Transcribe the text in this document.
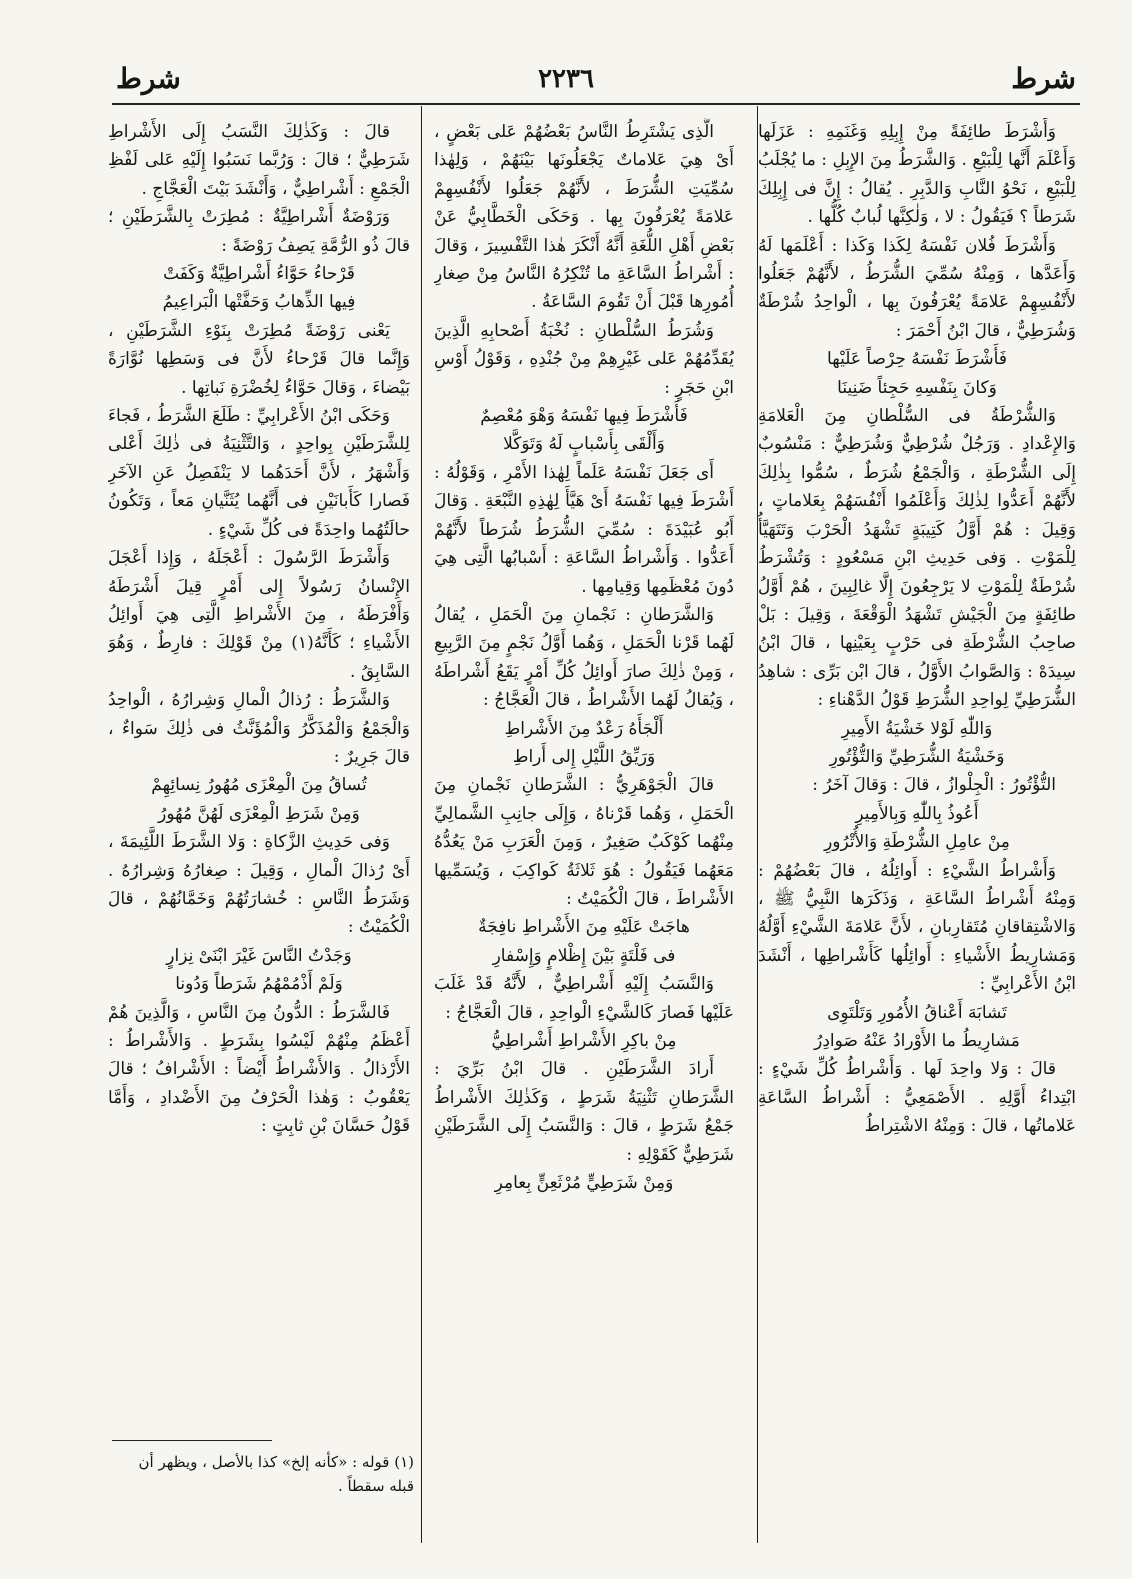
شرط	٢٢٣٦	شرط

وَأَشْرَطَ طائِفَةً مِنْ إِبِلِهِ وَغَنَمِهِ : عَزَلَها وَأَعْلَمَ أَنَّها لِلْبَيْعِ . وَالشَّرَطُ مِنَ الإِبِلِ : ما يُجْلَبُ لِلْبَيْعِ ، نَحْوُ النَّابِ وَالدَّبِرِ . يُقالُ : إِنَّ فى إِبِلِكَ شَرَطاً ؟ فَيَقُولُ : لا ، وَلٰكِنَّها لُبابٌ كُلُّها .

وَأَشْرَطَ فُلان نَفْسَهُ لِكَذا وَكَذا : أَعْلَمَها لَهُ وَأَعَدَّها ، وَمِنْهُ سُمِّيَ الشُّرَطُ ، لأَنَّهُمْ جَعَلُوا لأَنْفُسِهِمْ عَلامَةً يُعْرَفُونَ بِها ، الْواحِدُ شُرْطَةٌ وَشُرَطِيٌّ ، قالَ ابْنُ أَحْمَرَ :

فَأَشْرَطَ نَفْسَهُ حِرْصاً عَلَيْها

وَكانَ بِنَفْسِهِ حَجِئاً ضَنِينَا

وَالشُّرْطَةُ فى السُّلْطانِ مِنَ الْعَلامَةِ وَالإِعْدادِ . وَرَجُلٌ شُرْطِيٌّ وَشُرَطِيٌّ : مَنْسُوبٌ إِلَى الشُّرْطَةِ ، وَالْجَمْعُ شُرَطٌ ، سُمُّوا بِذٰلِكَ لأَنَّهُمْ أَعَدُّوا لِذٰلِكَ وَأَعْلَمُوا أَنْفُسَهُمْ بِعَلاماتٍ ، وَقِيلَ : هُمْ أَوَّلُ كَتِيبَةٍ تَشْهَدُ الْحَرْبَ وَتَتَهَيَّأُ لِلْمَوْتِ . وَفى حَدِيثِ ابْنِ مَسْعُودٍ : وَتُشْرَطُ شُرْطَةٌ لِلْمَوْتِ لا يَرْجِعُونَ إِلَّا غالِبِينَ ، هُمْ أَوَّلُ طائِفَةٍ مِنَ الْجَيْشِ تَشْهَدُ الْوَقْعَةَ ، وَقِيلَ : بَلْ صاحِبُ الشُّرْطَةِ فى حَرْبٍ بِعَيْنِها ، قالَ ابْنُ سِيدَهْ : وَالصَّوابُ الأَوَّلُ ، قالَ ابْن بَرِّى : شاهِدُ الشُّرَطِيِّ لِواحِدِ الشُّرَطِ قَوْلُ الدَّهْناءِ :

وَاللّٰهِ لَوْلا خَشْيَةُ الأَمِيرِ

وَخَشْيَةُ الشُّرَطِيِّ وَالتُّؤْتُورِ

التُّؤْتُورُ : الْجِلْوازُ ، قالَ : وَقالَ آخَرُ :

أَعُوذُ بِاللّٰهِ وَبِالأَمِيرِ

مِنْ عامِلِ الشُّرْطَةِ وَالأُتْرُورِ

وَأَشْراطُ الشَّيْءِ : أَوائِلُهُ ، قالَ بَعْضُهُمْ : وَمِنْهُ أَشْراطُ السَّاعَةِ ، وَذَكَرَها النَّبِيُّ ﷺ ، وَالاشْتِقاقانِ مُتَقارِبانِ ، لأَنَّ عَلامَةَ الشَّيْءِ أَوَّلُهُ وَمَشارِيطُ الأَشْياءِ : أَوائِلُها كَأَشْراطِها ، أَنْشَدَ ابْنُ الأَعْرابِيِّ :

تَشابَهَ أَعْناقُ الأُمُورِ وَتَلْتَوِى

مَشارِيطُ ما الأَوْرادُ عَنْهُ صَوادِرُ

قالَ : وَلا واحِدَ لَها . وَأَشْراطُ كُلِّ شَيْءٍ : ابْتِداءُ أَوَّلِهِ . الأَصْمَعِيُّ : أَشْراطُ السَّاعَةِ عَلاماتُها ، قالَ : وَمِنْهُ الاشْتِراطُ

الَّذِى يَشْتَرِطُ النَّاسُ بَعْضُهُمْ عَلى بَعْضٍ ، أَىْ هِيَ عَلاماتٌ يَجْعَلُونَها بَيْنَهُمْ ، وَلِهٰذا سُمِّيَتِ الشُّرَطَ ، لأَنَّهُمْ جَعَلُوا لأَنْفُسِهِمْ عَلامَةً يُعْرَفُونَ بِها . وَحَكَى الْخَطَّابِيُّ عَنْ بَعْضِ أَهْلِ اللُّغَةِ أَنَّهُ أَنْكَرَ هٰذا التَّفْسِيرَ ، وَقالَ : أَشْراطُ السَّاعَةِ ما تُنْكِرُهُ النَّاسُ مِنْ صِغارِ أُمُورِها قَبْلَ أَنْ تَقُومَ السَّاعَةُ .

وَشُرَطُ السُّلْطانِ : نُخْبَةُ أَصْحابِهِ الَّذِينَ يُقَدِّمُهُمْ عَلى غَيْرِهِمْ مِنْ جُنْدِهِ ، وَقَوْلُ أَوْسِ ابْنِ حَجَرٍ :

فَأَشْرَطَ فِيها نَفْسَهُ وَهْوَ مُعْصِمٌ

وَأَلْقَى بِأَسْبابٍ لَهُ وَتَوَكَّلا

أَى جَعَلَ نَفْسَهُ عَلَماً لِهٰذا الأَمْرِ ، وَقَوْلُهُ : أَشْرَطَ فِيها نَفْسَهُ أَىْ هَيَّأَ لِهٰذِهِ النَّبْعَةِ . وَقالَ أَبُو عُبَيْدَةَ : سُمِّيَ الشُّرَطُ شُرَطاً لأَنَّهُمْ أَعَدُّوا . وَأَشْراطُ السَّاعَةِ : أَسْبابُها الَّتِى هِيَ دُونَ مُعْظَمِها وَقِيامِها .

وَالشَّرَطانِ : نَجْمانِ مِنَ الْحَمَلِ ، يُقالُ لَهُما قَرْنا الْحَمَلِ ، وَهُما أَوَّلُ نَجْمٍ مِنَ الرَّبِيعِ ، وَمِنْ ذٰلِكَ صارَ أَوائِلُ كُلِّ أَمْرٍ يَقَعُ أَشْراطَهُ ، وَيُقالُ لَهُما الأَشْراطُ ، قالَ الْعَجَّاجُ :

أَلْجَأَهُ رَعْدٌ مِنَ الأَشْراطِ

وَرَيِّقُ اللَّيْلِ إِلى أَراطِ

قالَ الْجَوْهَرِيُّ : الشَّرَطانِ نَجْمانِ مِنَ الْحَمَلِ ، وَهُما قَرْناهُ ، وَإِلَى جانِبِ الشَّمالِيِّ مِنْهُما كَوْكَبٌ صَغِيرٌ ، وَمِنَ الْعَرَبِ مَنْ يَعُدُّهُ مَعَهُما فَيَقُولُ : هُوَ ثَلاثَةُ كَواكِبَ ، وَيُسَمِّيها الأَشْراطَ ، قالَ الْكُمَيْتُ :

هاجَتْ عَلَيْهِ مِنَ الأَشْراطِ نافِجَةٌ

فى فَلْتَةٍ بَيْنَ إِظْلامٍ وَإِسْفارِ

وَالنَّسَبُ إِلَيْهِ أَشْراطِيٌّ ، لأَنَّهُ قَدْ غَلَبَ عَلَيْها فَصارَ كَالشَّيْءِ الْواحِدِ ، قالَ الْعَجَّاجُ :

مِنْ باكِرِ الأَشْراطِ أَشْراطِيُّ

أَرادَ الشَّرَطَيْنِ . قالَ ابْنُ بَرِّيَ : الشَّرَطانِ تَثْنِيَةُ شَرَطٍ ، وَكَذٰلِكَ الأَشْراطُ جَمْعُ شَرَطٍ ، قالَ : وَالنَّسَبُ إِلَى الشَّرَطَيْنِ شَرَطِيٌّ كَقَوْلِهِ :

وَمِنْ شَرَطِيٍّ مُرْثَعِنٍّ بِعامِرِ

قالَ : وَكَذٰلِكَ النَّسَبُ إِلَى الأَشْراطِ شَرَطِيٌّ ؛ قالَ : وَرُبَّما نَسَبُوا إِلَيْهِ عَلى لَفْظِ الْجَمْعِ : أَشْراطِيٌّ ، وَأَنْشَدَ بَيْتَ الْعَجَّاجِ .

وَرَوْضَةٌ أَشْراطِيَّةٌ : مُطِرَتْ بِالشَّرَطَيْنِ ؛ قالَ ذُو الرُّمَّةِ يَصِفُ رَوْضَةً :

قَرْحاءُ حَوَّاءُ أَشْراطِيَّةٌ وَكَفَتْ

فِيها الذِّهابُ وَحَفَّتْها الْبَراعِيمُ

يَعْنى رَوْضَةً مُطِرَتْ بِنَوْءِ الشَّرَطَيْنِ ، وَإِنَّما قالَ قَرْحاءُ لأَنَّ فى وَسَطِها نُوَّارَةً بَيْضاءَ ، وَقالَ حَوَّاءُ لِخُضْرَةِ نَباتِها .

وَحَكَى ابْنُ الأَعْرابِيِّ : طَلَعَ الشَّرَطُ ، فَجاءَ لِلشَّرَطَيْنِ بِواحِدٍ ، وَالتَّثْنِيَةُ فى ذٰلِكَ أَعْلى وَأَشْهَرُ ، لأَنَّ أَحَدَهُما لا يَنْفَصِلُ عَنِ الآخَرِ فَصارا كَأَبانَيْنِ فى أَنَّهُما يُثَنَّيانِ مَعاً ، وَتَكُونُ حالَتُهُما واحِدَةً فى كُلِّ شَيْءٍ .

وَأَشْرَطَ الرَّسُولَ : أَعْجَلَهُ ، وَإِذا أَعْجَلَ الإِنْسانُ رَسُولاً إِلى أَمْرٍ قِيلَ أَشْرَطَهُ وَأَفْرَطَهُ ، مِنَ الأَشْراطِ الَّتِى هِيَ أَوائِلُ الأَشْياءِ ؛ كَأَنَّهُ(١) مِنْ قَوْلِكَ : فارِطٌ ، وَهُوَ السَّابِقُ .

وَالشَّرَطُ : رُذالُ الْمالِ وَشِرارُهُ ، الْواحِدُ وَالْجَمْعُ وَالْمُذَكَّرُ وَالْمُؤَنَّثُ فى ذٰلِكَ سَواءٌ ، قالَ جَرِيرٌ :

تُساقُ مِنَ الْمِعْزَى مُهُورُ نِسائِهِمْ

وَمِنْ شَرَطِ الْمِعْزَى لَهُنَّ مُهُورُ

وَفى حَدِيثِ الزَّكاةِ : وَلا الشَّرَطَ اللَّئِيمَةَ ، أَىْ رُذالَ الْمالِ ، وَقِيلَ : صِغارُهُ وَشِرارُهُ . وَشَرَطُ النَّاسِ : خُشارَتُهُمْ وَخَمَّانُهُمْ ، قالَ الْكُمَيْتُ :

وَجَدْتُ النَّاسَ غَيْرَ ابْنَىْ نِزارٍ

وَلَمْ أَذْمُمْهُمُ شَرَطاً وَدُونا

فَالشَّرَطُ : الدُّونُ مِنَ النَّاسِ ، وَالَّذِينَ هُمْ أَعْظَمُ مِنْهُمْ لَيْسُوا بِشَرَطٍ . وَالأَشْراطُ : الأَرْذالُ . وَالأَشْراطُ أَيْضاً : الأَشْرافُ ؛ قالَ يَعْقُوبُ : وَهٰذا الْحَرْفُ مِنَ الأَضْدادِ ، وَأَمَّا قَوْلُ حَسَّانَ بْنِ ثابِتٍ :

(١) قوله : «كأنه إلخ» كذا بالأصل ، ويظهر أن قبله سقطاً .
